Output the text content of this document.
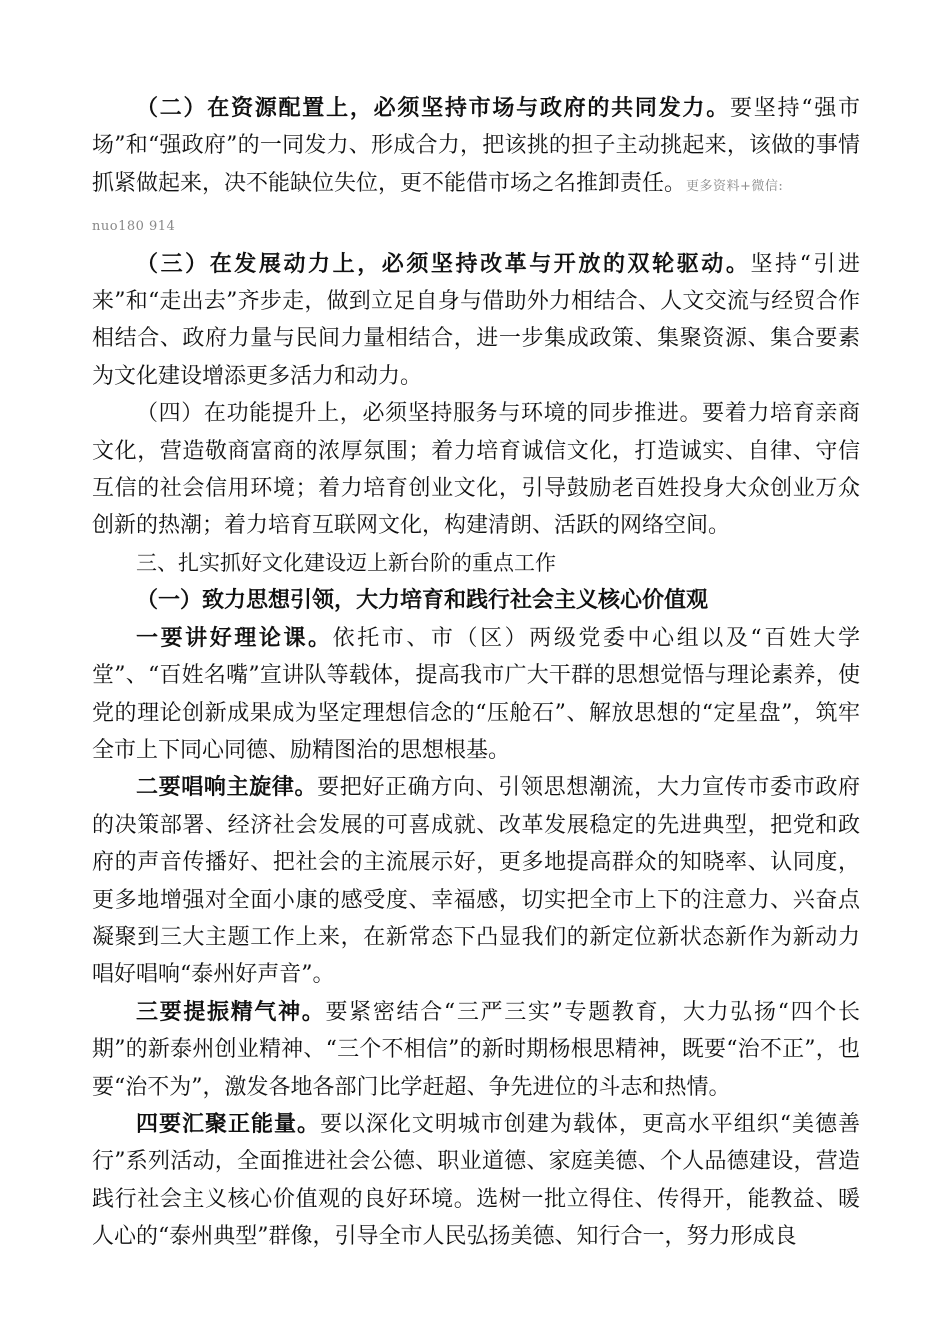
（二）在资源配置上，必须坚持市场与政府的共同发力。要坚持“强市场”和“强政府”的一同发力、形成合力，把该挑的担子主动挑起来，该做的事情抓紧做起来，决不能缺位失位，更不能借市场之名推卸责任。更多资料+微信:

nuo180 914

（三）在发展动力上，必须坚持改革与开放的双轮驱动。坚持“引进来”和“走出去”齐步走，做到立足自身与借助外力相结合、人文交流与经贸合作相结合、政府力量与民间力量相结合，进一步集成政策、集聚资源、集合要素为文化建设增添更多活力和动力。

（四）在功能提升上，必须坚持服务与环境的同步推进。要着力培育亲商文化，营造敬商富商的浓厚氛围；着力培育诚信文化，打造诚实、自律、守信互信的社会信用环境；着力培育创业文化，引导鼓励老百姓投身大众创业万众创新的热潮；着力培育互联网文化，构建清朗、活跃的网络空间。

三、扎实抓好文化建设迈上新台阶的重点工作

（一）致力思想引领，大力培育和践行社会主义核心价值观

一要讲好理论课。依托市、市（区）两级党委中心组以及“百姓大学堂”、“百姓名嘴”宣讲队等载体，提高我市广大干群的思想觉悟与理论素养，使党的理论创新成果成为坚定理想信念的“压舱石”、解放思想的“定星盘”，筑牢全市上下同心同德、励精图治的思想根基。

二要唱响主旋律。要把好正确方向、引领思想潮流，大力宣传市委市政府的决策部署、经济社会发展的可喜成就、改革发展稳定的先进典型，把党和政府的声音传播好、把社会的主流展示好，更多地提高群众的知晓率、认同度，更多地增强对全面小康的感受度、幸福感，切实把全市上下的注意力、兴奋点凝聚到三大主题工作上来，在新常态下凸显我们的新定位新状态新作为新动力唱好唱响“泰州好声音”。

三要提振精气神。要紧密结合“三严三实”专题教育，大力弘扬“四个长期”的新泰州创业精神、“三个不相信”的新时期杨根思精神，既要“治不正”，也要“治不为”，激发各地各部门比学赶超、争先进位的斗志和热情。

四要汇聚正能量。要以深化文明城市创建为载体，更高水平组织“美德善行”系列活动，全面推进社会公德、职业道德、家庭美德、个人品德建设，营造践行社会主义核心价值观的良好环境。选树一批立得住、传得开，能教益、暖人心的“泰州典型”群像，引导全市人民弘扬美德、知行合一，努力形成良
